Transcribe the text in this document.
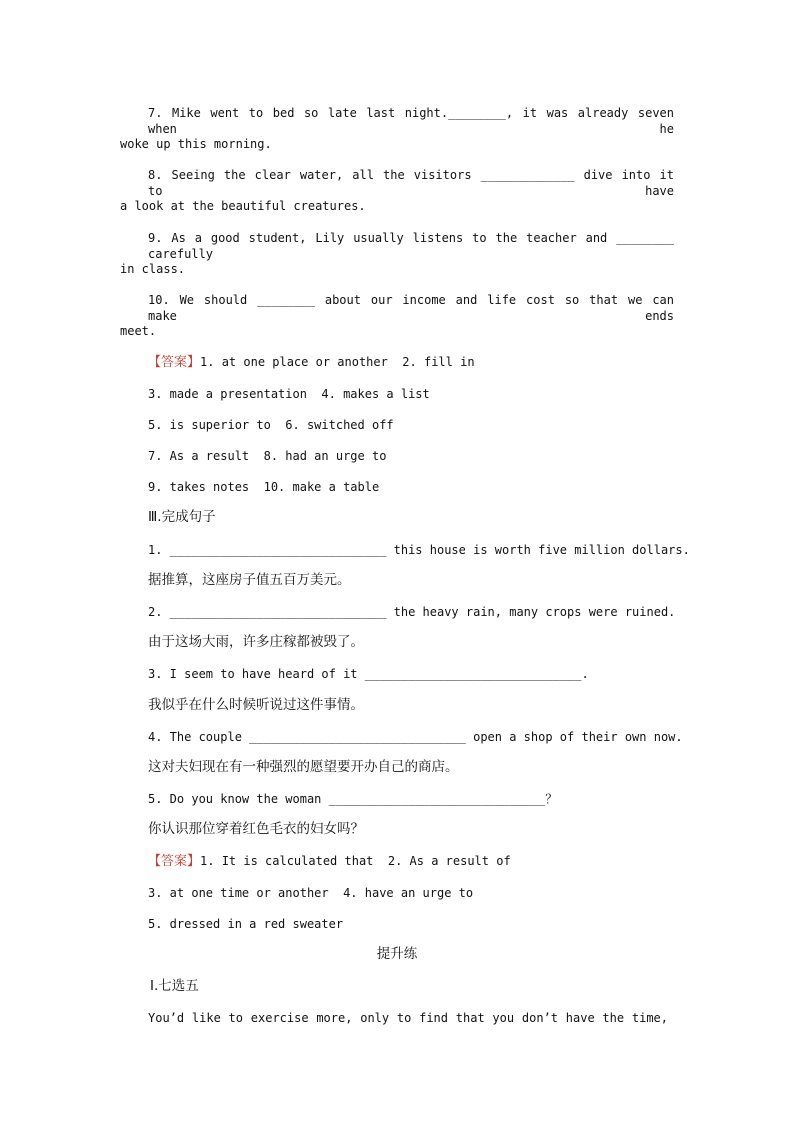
7. Mike went to bed so late last night.________, it was already seven when he
woke up this morning.
8. Seeing the clear water, all the visitors _____________ dive into it to have
a look at the beautiful creatures.
9. As a good student, Lily usually listens to the teacher and ________ carefully
in class.
10. We should ________ about our income and life cost so that we can make ends
meet.
【答案】1. at one place or another  2. fill in
3. made a presentation  4. makes a list
5. is superior to  6. switched off
7. As a result  8. had an urge to
9. takes notes  10. make a table
Ⅲ.完成句子
1. ______________________________ this house is worth five million dollars.
据推算，这座房子值五百万美元。
2. ______________________________ the heavy rain, many crops were ruined.
由于这场大雨，许多庄稼都被毁了。
3. I seem to have heard of it ______________________________.
我似乎在什么时候听说过这件事情。
4. The couple ______________________________ open a shop of their own now.
这对夫妇现在有一种强烈的愿望要开办自己的商店。
5. Do you know the woman ______________________________？
你认识那位穿着红色毛衣的妇女吗？
【答案】1. It is calculated that  2. As a result of
3. at one time or another  4. have an urge to
5. dressed in a red sweater
提升练
Ⅰ.七选五
You’d like to exercise more, only to find that you don’t have the time,
